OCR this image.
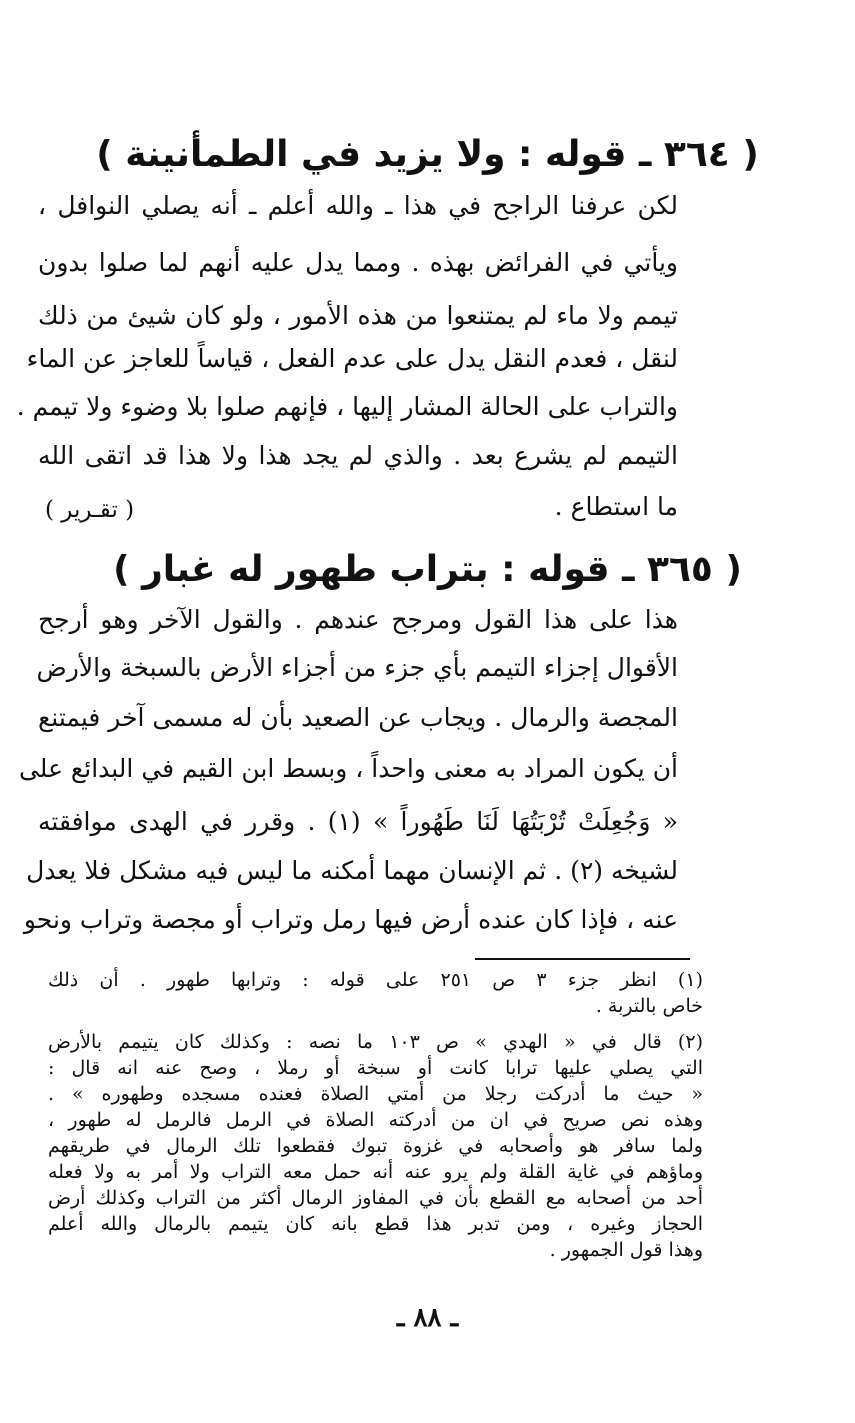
( ٣٦٤ ـ قوله : ولا يزيد في الطمأنينة )
لكن عرفنا الراجح في هذا ـ والله أعلم ـ أنه يصلي النوافل ،
ويأتي في الفرائض بهذه . ومما يدل عليه أنهم لما صلوا بدون
تيمم ولا ماء لم يمتنعوا من هذه الأمور ، ولو كان شيئ من ذلك
لنقل ، فعدم النقل يدل على عدم الفعل ، قياساً للعاجز عن الماء
والتراب على الحالة المشار إليها ، فإنهم صلوا بلا وضوء ولا تيمم .
التيمم لم يشرع بعد . والذي لم يجد هذا ولا هذا قد اتقى الله
ما استطاع .
( تقـرير )
( ٣٦٥ ـ قوله : بتراب طهور له غبار )
هذا على هذا القول ومرجح عندهم . والقول الآخر وهو أرجح
الأقوال إجزاء التيمم بأي جزء من أجزاء الأرض بالسبخة والأرض
المجصة والرمال . ويجاب عن الصعيد بأن له مسمى آخر فيمتنع
أن يكون المراد به معنى واحداً ، وبسط ابن القيم في البدائع على
« وَجُعِلَتْ تُرْبَتُهَا لَنَا طَهُوراً » (١) . وقرر في الهدى موافقته
لشيخه (٢) . ثم الإنسان مهما أمكنه ما ليس فيه مشكل فلا يعدل
عنه ، فإذا كان عنده أرض فيها رمل وتراب أو مجصة وتراب ونحو
(١) انظر جزء ٣ ص ٢٥١ على قوله : وترابها طهور . أن ذلك
خاص بالتربة .
(٢) قال في « الهدي » ص ١٠٣ ما نصه : وكذلك كان يتيمم بالأرض
التي يصلي عليها ترابا كانت أو سبخة أو رملا ، وصح عنه انه قال :
« حيث ما أدركت رجلا من أمتي الصلاة فعنده مسجده وطهوره » .
وهذه نص صريح في ان من أدركته الصلاة في الرمل فالرمل له طهور ،
ولما سافر هو وأصحابه في غزوة تبوك فقطعوا تلك الرمال في طريقهم
وماؤهم في غاية القلة ولم يرو عنه أنه حمل معه التراب ولا أمر به ولا فعله
أحد من أصحابه مع القطع بأن في المفاوز الرمال أكثر من التراب وكذلك أرض
الحجاز وغيره ، ومن تدبر هذا قطع بانه كان يتيمم بالرمال والله أعلم
وهذا قول الجمهور .
ـ ٨٨ ـ
